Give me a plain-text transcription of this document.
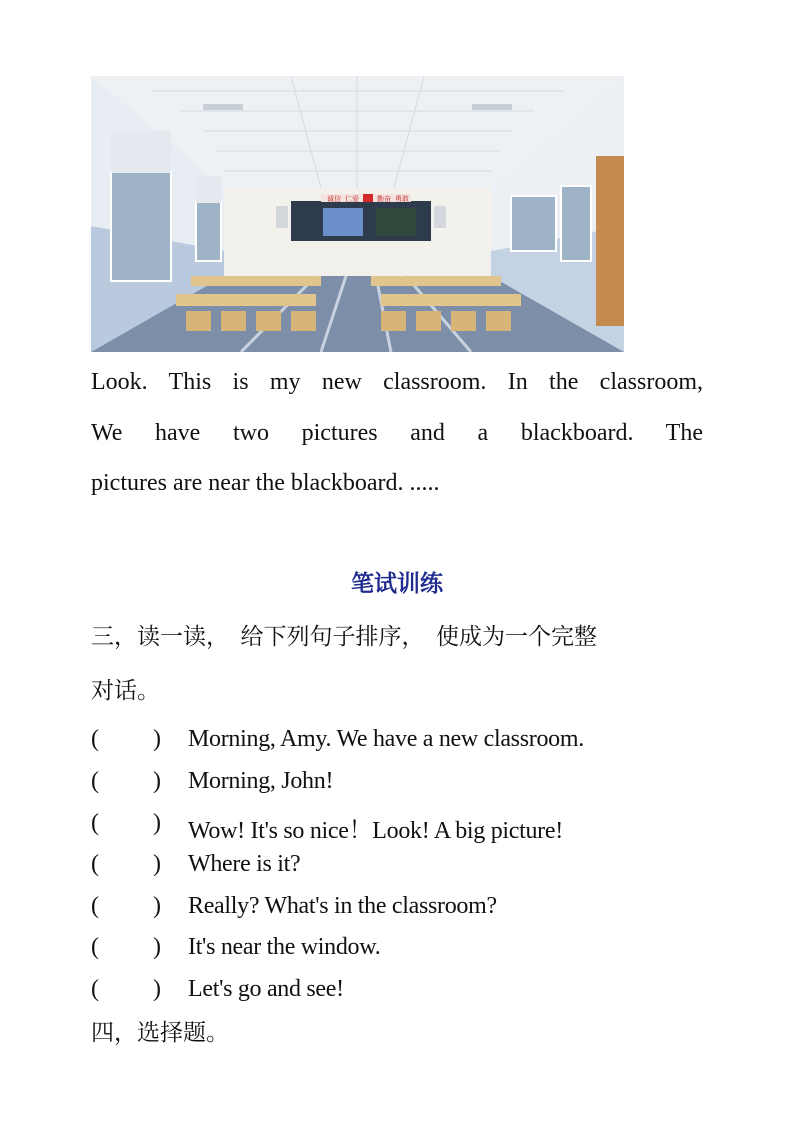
诚信 仁爱	勤奋 勇敢
Look. This is my new classroom. In the classroom,
We have two pictures and a blackboard. The
pictures are near the blackboard. .....
笔试训练
三，读一读，　给下列句子排序，　使成为一个完整
对话。
( ) Morning, Amy. We have a new classroom.
( ) Morning, John!
( ) Wow! It's so nice！Look! A big picture!
( ) Where is it?
( ) Really? What's in the classroom?
( ) It's near the window.
( ) Let's go and see!
四，选择题。
